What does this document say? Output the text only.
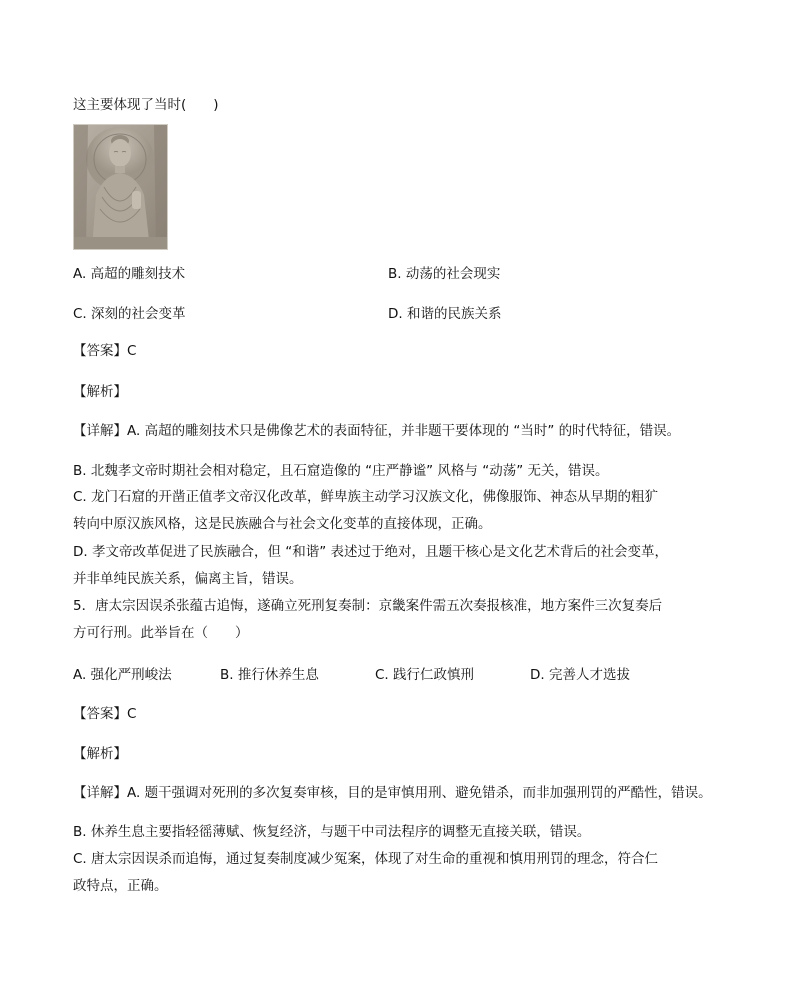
这主要体现了当时(　　)
A. 高超的雕刻技术	B. 动荡的社会现实
C. 深刻的社会变革	D. 和谐的民族关系
【答案】C
【解析】
【详解】A. 高超的雕刻技术只是佛像艺术的表面特征，并非题干要体现的 “当时” 的时代特征，错误。
B. 北魏孝文帝时期社会相对稳定，且石窟造像的 “庄严静谧” 风格与 “动荡” 无关，错误。
C. 龙门石窟的开凿正值孝文帝汉化改革，鲜卑族主动学习汉族文化，佛像服饰、神态从早期的粗犷
转向中原汉族风格，这是民族融合与社会文化变革的直接体现，正确。
D. 孝文帝改革促进了民族融合，但 “和谐” 表述过于绝对，且题干核心是文化艺术背后的社会变革，
并非单纯民族关系，偏离主旨，错误。
5．唐太宗因误杀张蕴古追悔，遂确立死刑复奏制：京畿案件需五次奏报核准，地方案件三次复奏后
方可行刑。此举旨在（　　）
A. 强化严刑峻法	B. 推行休养生息	C. 践行仁政慎刑	D. 完善人才选拔
【答案】C
【解析】
【详解】A. 题干强调对死刑的多次复奏审核，目的是审慎用刑、避免错杀，而非加强刑罚的严酷性，错误。
B. 休养生息主要指轻徭薄赋、恢复经济，与题干中司法程序的调整无直接关联，错误。
C. 唐太宗因误杀而追悔，通过复奏制度减少冤案，体现了对生命的重视和慎用刑罚的理念，符合仁
政特点，正确。
